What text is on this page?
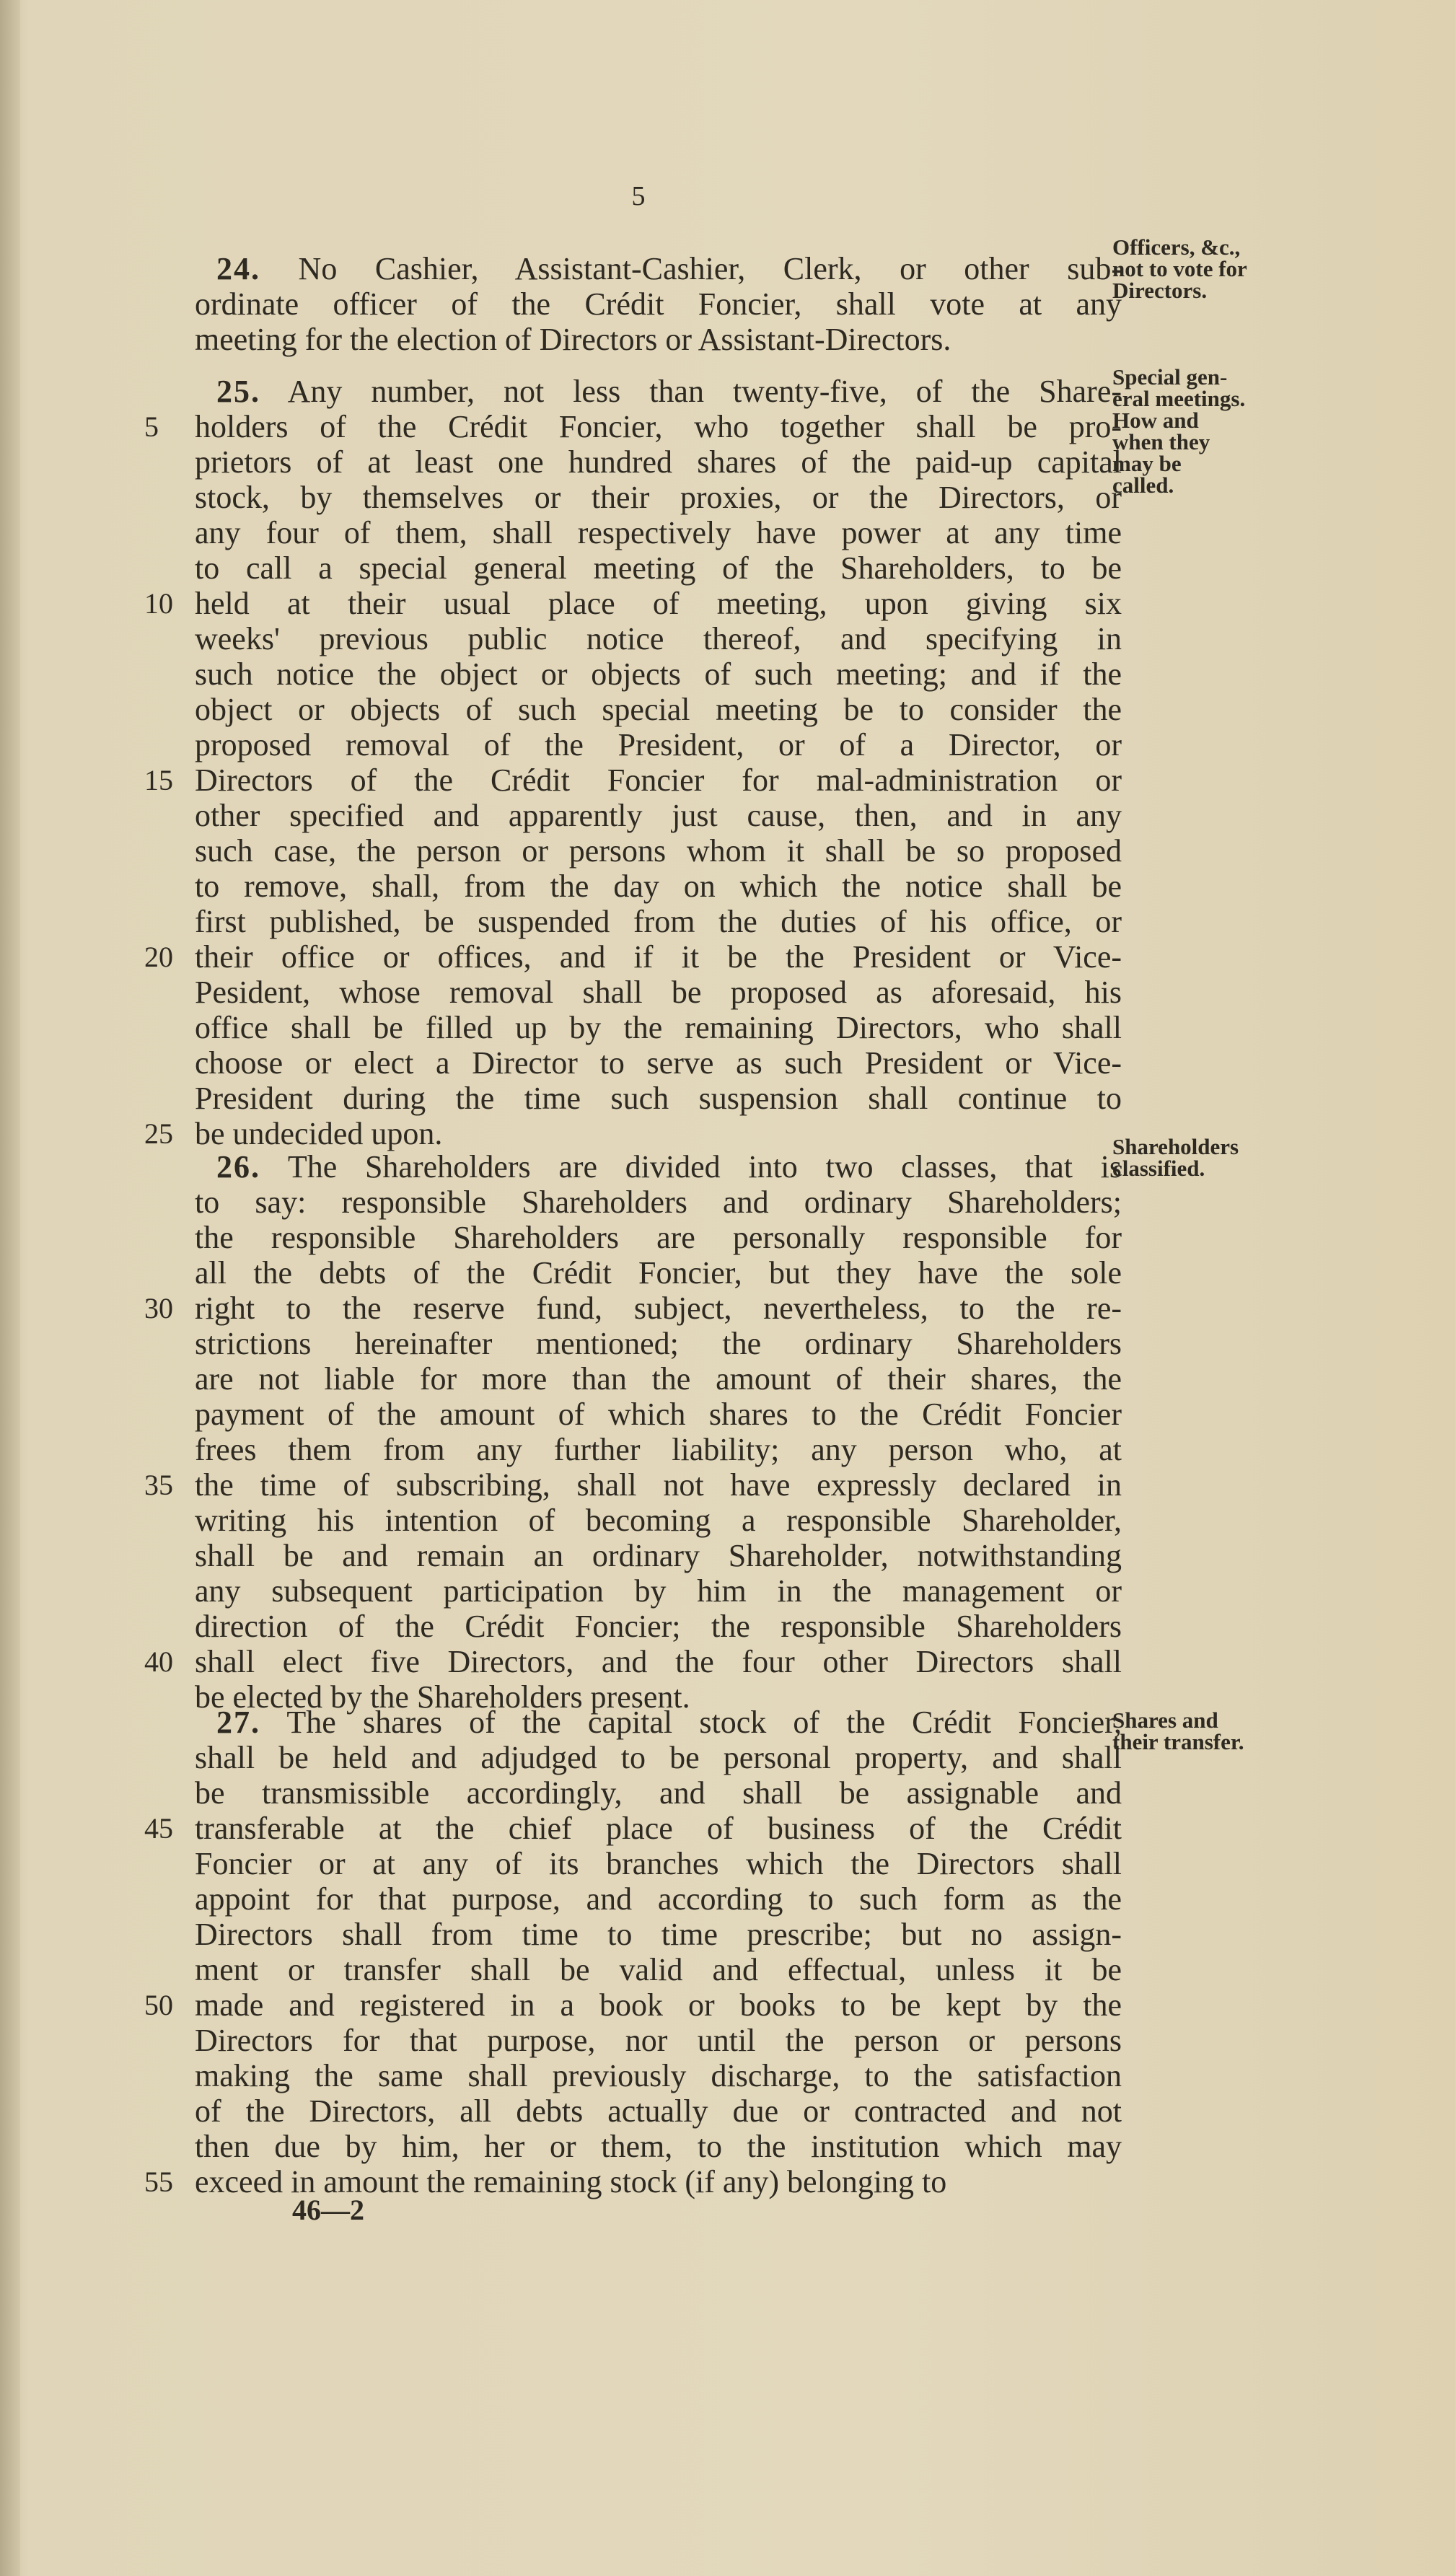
5
24. No Cashier, Assistant-Cashier, Clerk, or other sub-
ordinate officer of the Crédit Foncier, shall vote at any
meeting for the election of Directors or Assistant-Directors.
Officers, &c.,
not to vote for
Directors.
25. Any number, not less than twenty-five, of the Share-
holders of the Crédit Foncier, who together shall be pro-
prietors of at least one hundred shares of the paid-up capital
stock, by themselves or their proxies, or the Directors, or
any four of them, shall respectively have power at any time
to call a special general meeting of the Shareholders, to be
held at their usual place of meeting, upon giving six
weeks' previous public notice thereof, and specifying in
such notice the object or objects of such meeting; and if the
object or objects of such special meeting be to consider the
proposed removal of the President, or of a Director, or
Directors of the Crédit Foncier for mal-administration or
other specified and apparently just cause, then, and in any
such case, the person or persons whom it shall be so proposed
to remove, shall, from the day on which the notice shall be
first published, be suspended from the duties of his office, or
their office or offices, and if it be the President or Vice-
Pesident, whose removal shall be proposed as aforesaid, his
office shall be filled up by the remaining Directors, who shall
choose or elect a Director to serve as such President or Vice-
President during the time such suspension shall continue to
be undecided upon.
Special gen-
eral meetings.
How and
when they
may be
called.
26. The Shareholders are divided into two classes, that is
to say: responsible Shareholders and ordinary Shareholders;
the responsible Shareholders are personally responsible for
all the debts of the Crédit Foncier, but they have the sole
right to the reserve fund, subject, nevertheless, to the re-
strictions hereinafter mentioned; the ordinary Shareholders
are not liable for more than the amount of their shares, the
payment of the amount of which shares to the Crédit Foncier
frees them from any further liability; any person who, at
the time of subscribing, shall not have expressly declared in
writing his intention of becoming a responsible Shareholder,
shall be and remain an ordinary Shareholder, notwithstanding
any subsequent participation by him in the management or
direction of the Crédit Foncier; the responsible Shareholders
shall elect five Directors, and the four other Directors shall
be elected by the Shareholders present.
Shareholders
classified.
27. The shares of the capital stock of the Crédit Foncier,
shall be held and adjudged to be personal property, and shall
be transmissible accordingly, and shall be assignable and
transferable at the chief place of business of the Crédit
Foncier or at any of its branches which the Directors shall
appoint for that purpose, and according to such form as the
Directors shall from time to time prescribe; but no assign-
ment or transfer shall be valid and effectual, unless it be
made and registered in a book or books to be kept by the
Directors for that purpose, nor until the person or persons
making the same shall previously discharge, to the satisfaction
of the Directors, all debts actually due or contracted and not
then due by him, her or them, to the institution which may
exceed in amount the remaining stock (if any) belonging to
Shares and
their transfer.
5
10
15
20
25
30
35
40
45
50
55
46—2
